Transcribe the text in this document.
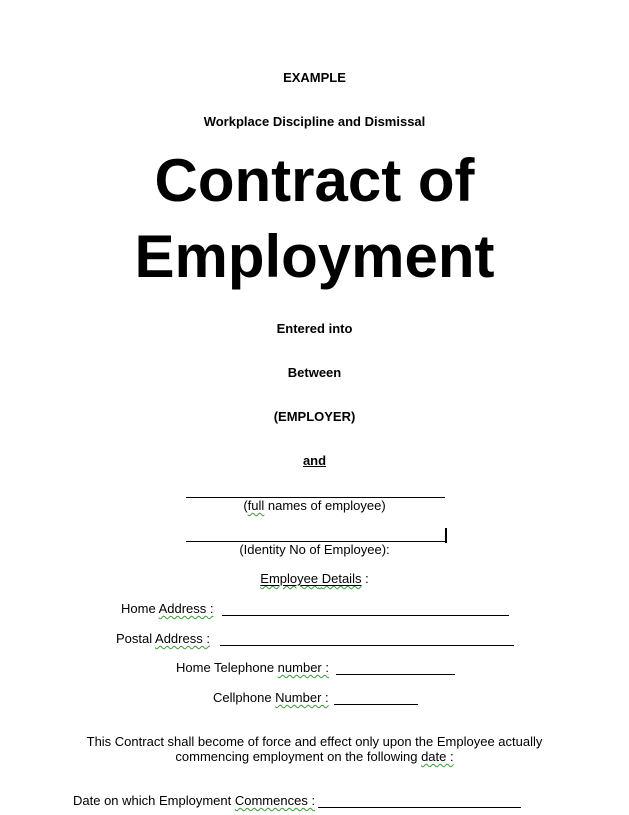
EXAMPLE
Workplace Discipline and Dismissal
Contract of
Employment
Entered into
Between
(EMPLOYER)
and
(full names of employee)
(Identity No of Employee):
Employee Details :
Home Address :
Postal Address :
Home Telephone number :
Cellphone Number :
This Contract shall become of force and effect only upon the Employee actually
commencing employment on the following date :
Date on which Employment Commences :
